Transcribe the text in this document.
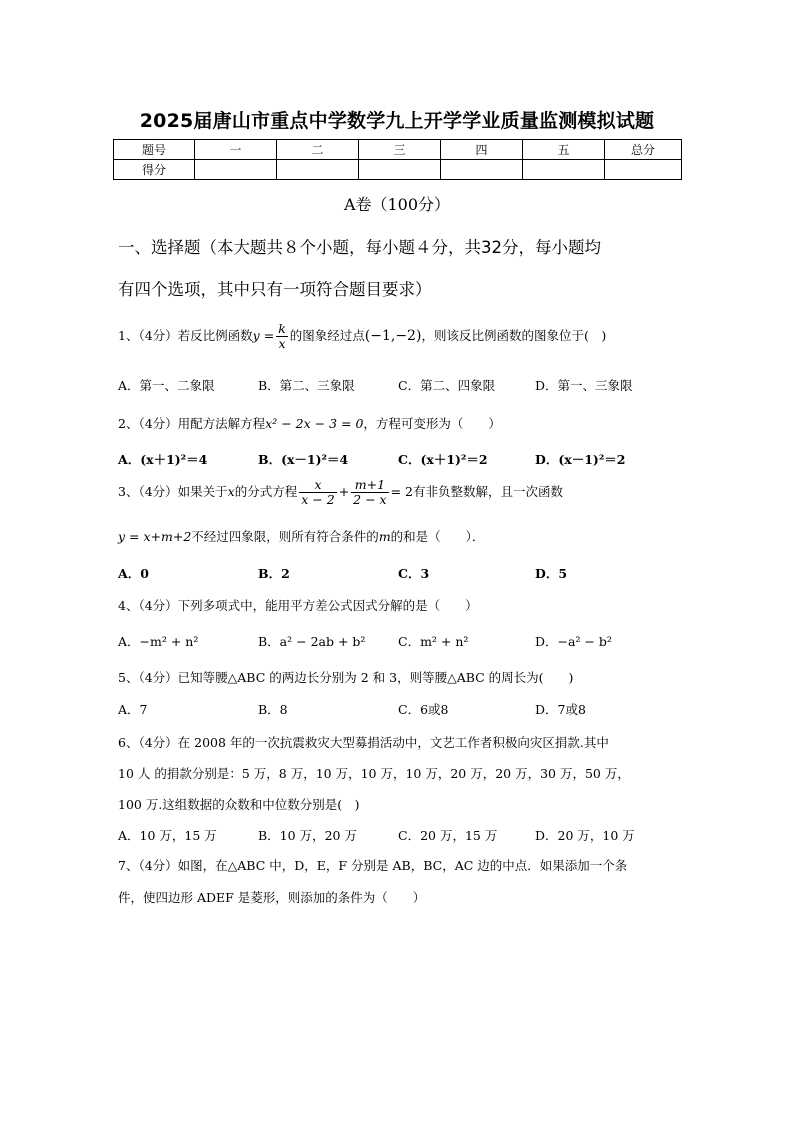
2025届唐山市重点中学数学九上开学学业质量监测模拟试题
题号	一	二	三	四	五	总分
得分						
A卷（100分）
一、选择题（本大题共８个小题，每小题４分，共32分，每小题均
有四个选项，其中只有一项符合题目要求）
1、（4分）若反比例函数$y = \frac{k}{x}$ 的图象经过点(−1,−2)，则该反比例函数的图象位于(　)
A．第一、二象限	B．第二、三象限	C．第二、四象限	D．第一、三象限
2、（4分）用配方法解方程x² − 2x − 3 = 0，方程可变形为（　　）
A．(x＋1)²＝4	B．(x－1)²＝4	C．(x＋1)²＝2	D．(x－1)²＝2
3、（4分）如果关于x的分式方程 $\frac{x}{x - 2} + \frac{m+1}{2 - x} = 2$有非负整数解，且一次函数
y = x+m+2不经过四象限，则所有符合条件的m的和是（　　）．
A．0	B．2	C．3	D．5
4、（4分）下列多项式中，能用平方差公式因式分解的是（　　）
A．−m² + n²	B．a² − 2ab + b²	C．m² + n²	D．−a² − b²
5、（4分）已知等腰△ABC 的两边长分别为 2 和 3，则等腰△ABC 的周长为(　　)
A．7	B．8	C．6或8	D．7或8
6、（4分）在 2008 年的一次抗震救灾大型募捐活动中，文艺工作者积极向灾区捐款.其中
10 人 的捐款分别是：5 万，8 万，10 万，10 万，10 万，20 万，20 万，30 万，50 万，
100 万.这组数据的众数和中位数分别是(　)
A．10 万，15 万	B．10 万，20 万	C．20 万，15 万	D．20 万，10 万
7、（4分）如图，在△ABC 中，D，E，F 分别是 AB，BC，AC 边的中点．如果添加一个条
件，使四边形 ADEF 是菱形，则添加的条件为（　　）
